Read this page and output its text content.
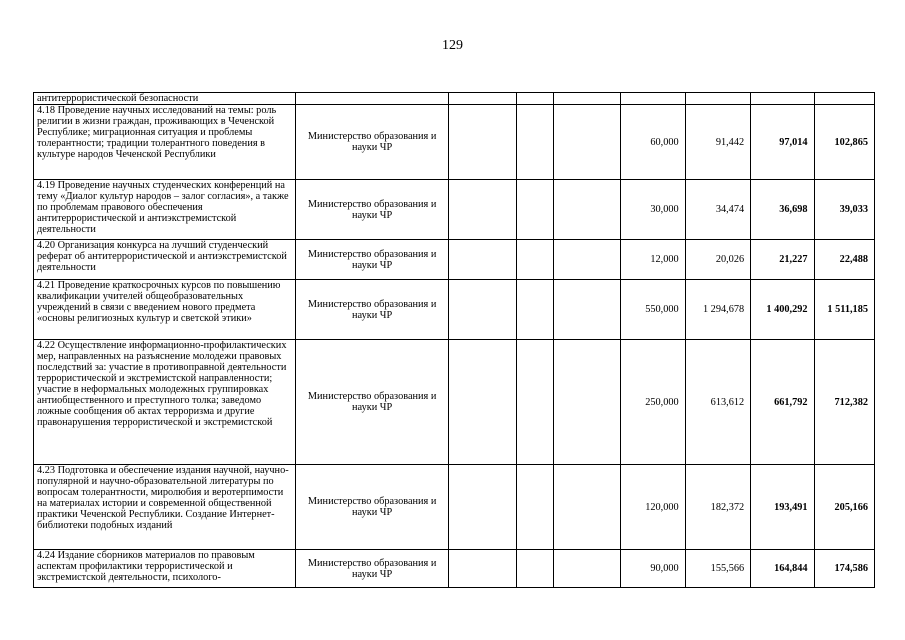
129
антитеррористической безопасности								
4.18 Проведение научных исследований на темы: роль религии в жизни граждан, проживающих в Чеченской Республике; миграционная ситуация и проблемы толерантности; традиции толерантного поведения в культуре народов Чеченской Республики	Министерство образования и науки ЧР				60,000	91,442	97,014	102,865
4.19 Проведение научных студенческих конференций на тему «Диалог культур народов – залог согласия», а также по проблемам правового обеспечения антитеррористической и антиэкстремистской деятельности	Министерство образования и науки ЧР				30,000	34,474	36,698	39,033
4.20 Организация конкурса на лучший студенческий реферат об антитеррористической и антиэкстремистской деятельности	Министерство образования и науки ЧР				12,000	20,026	21,227	22,488
4.21 Проведение краткосрочных курсов по повышению квалификации учителей общеобразовательных учреждений в связи с введением нового предмета «основы религиозных культур и светской этики»	Министерство образования и науки ЧР				550,000	1 294,678	1 400,292	1 511,185
4.22 Осуществление информационно-профилактических мер, направленных на разъяснение молодежи правовых последствий за: участие в противоправной деятельности террористической и экстремистской направленности; участие в неформальных молодежных группировках антиобщественного и преступного толка; заведомо ложные сообщения об актах терроризма и другие правонарушения террористической и экстремистской	Министерство образования и науки ЧР				250,000	613,612	661,792	712,382
4.23 Подготовка и обеспечение издания научной, научно-популярной и научно-образовательной литературы по вопросам толерантности, миролюбия и веротерпимости на материалах истории и современной общественной практики Чеченской Республики. Создание Интернет-библиотеки подобных изданий	Министерство образования и науки ЧР				120,000	182,372	193,491	205,166
4.24 Издание сборников материалов по правовым аспектам профилактики террористической и экстремистской деятельности, психолого-	Министерство образования и науки ЧР				90,000	155,566	164,844	174,586
